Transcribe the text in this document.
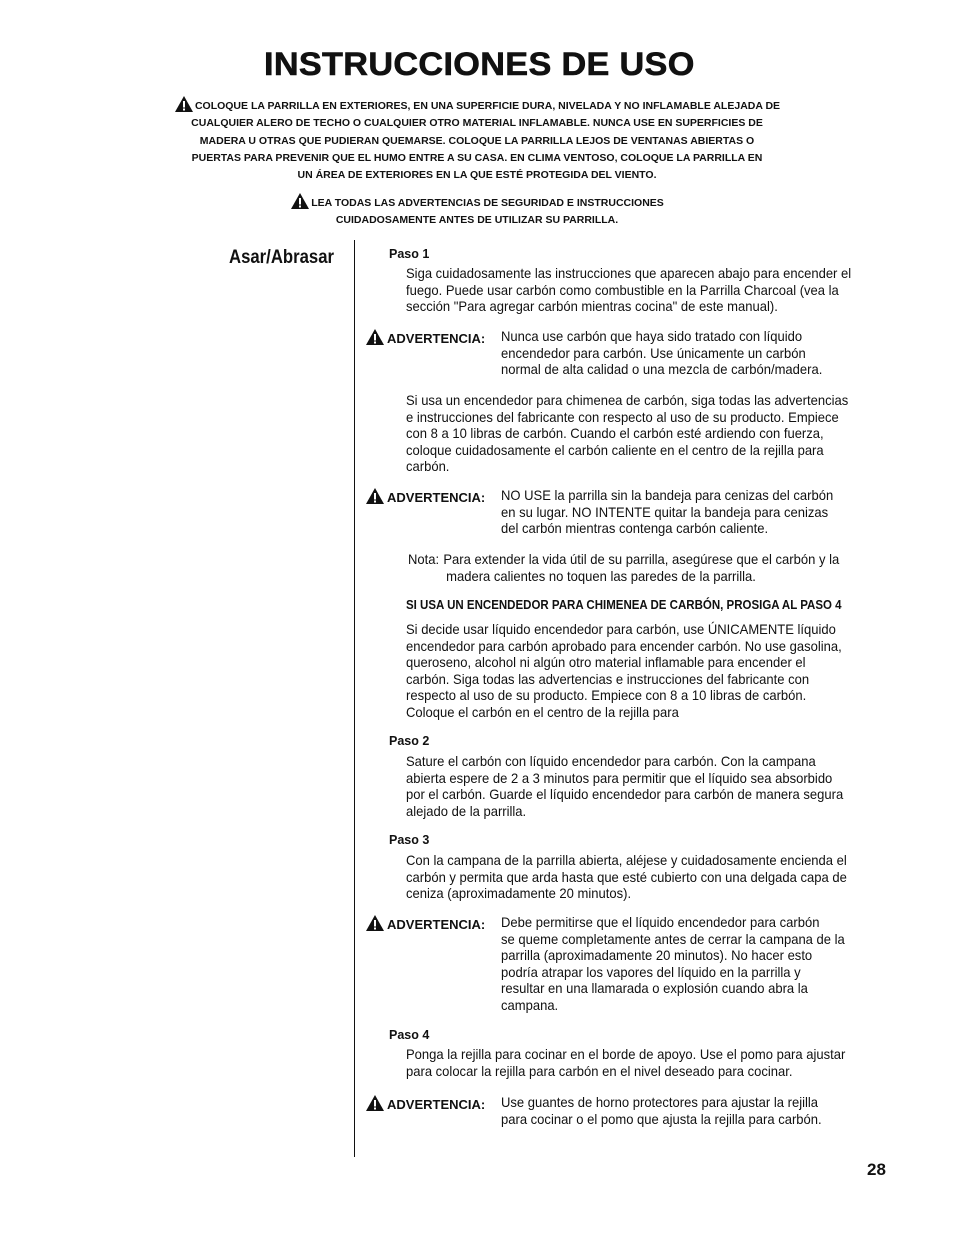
INSTRUCCIONES DE USO
COLOQUE LA PARRILLA EN EXTERIORES, EN UNA SUPERFICIE DURA, NIVELADA Y NO INFLAMABLE ALEJADA DE
CUALQUIER ALERO DE TECHO O CUALQUIER OTRO MATERIAL INFLAMABLE. NUNCA USE EN SUPERFICIES DE
MADERA U OTRAS QUE PUDIERAN QUEMARSE. COLOQUE LA PARRILLA LEJOS DE VENTANAS ABIERTAS O
PUERTAS PARA PREVENIR QUE EL HUMO ENTRE A SU CASA. EN CLIMA VENTOSO, COLOQUE LA PARRILLA EN
UN ÁREA DE EXTERIORES EN LA QUE ESTÉ PROTEGIDA DEL VIENTO.
LEA TODAS LAS ADVERTENCIAS DE SEGURIDAD E INSTRUCCIONES
CUIDADOSAMENTE ANTES DE UTILIZAR SU PARRILLA.
Asar/Abrasar	Paso 1
Siga cuidadosamente las instrucciones que aparecen abajo para encender el
fuego. Puede usar carbón como combustible en la Parrilla Charcoal (vea la
sección "Para agregar carbón mientras cocina" de este manual).
ADVERTENCIA: Nunca use carbón que haya sido tratado con líquido
encendedor para carbón. Use únicamente un carbón
normal de alta calidad o una mezcla de carbón/madera.
Si usa un encendedor para chimenea de carbón, siga todas las advertencias
e instrucciones del fabricante con respecto al uso de su producto. Empiece
con 8 a 10 libras de carbón. Cuando el carbón esté ardiendo con fuerza,
coloque cuidadosamente el carbón caliente en el centro de la rejilla para
carbón.
ADVERTENCIA: NO USE la parrilla sin la bandeja para cenizas del carbón
en su lugar. NO INTENTE quitar la bandeja para cenizas
del carbón mientras contenga carbón caliente.
Nota: Para extender la vida útil de su parrilla, asegúrese que el carbón y la
madera calientes no toquen las paredes de la parrilla.
SI USA UN ENCENDEDOR PARA CHIMENEA DE CARBÓN, PROSIGA AL PASO 4
Si decide usar líquido encendedor para carbón, use ÚNICAMENTE líquido
encendedor para carbón aprobado para encender carbón. No use gasolina,
queroseno, alcohol ni algún otro material inflamable para encender el
carbón. Siga todas las advertencias e instrucciones del fabricante con
respecto al uso de su producto. Empiece con 8 a 10 libras de carbón.
Coloque el carbón en el centro de la rejilla para
Paso 2
Sature el carbón con líquido encendedor para carbón. Con la campana
abierta espere de 2 a 3 minutos para permitir que el líquido sea absorbido
por el carbón. Guarde el líquido encendedor para carbón de manera segura
alejado de la parrilla.
Paso 3
Con la campana de la parrilla abierta, aléjese y cuidadosamente encienda el
carbón y permita que arda hasta que esté cubierto con una delgada capa de
ceniza (aproximadamente 20 minutos).
ADVERTENCIA: Debe permitirse que el líquido encendedor para carbón
se queme completamente antes de cerrar la campana de la
parrilla (aproximadamente 20 minutos). No hacer esto
podría atrapar los vapores del líquido en la parrilla y
resultar en una llamarada o explosión cuando abra la
campana.
Paso 4
Ponga la rejilla para cocinar en el borde de apoyo. Use el pomo para ajustar
para colocar la rejilla para carbón en el nivel deseado para cocinar.
ADVERTENCIA: Use guantes de horno protectores para ajustar la rejilla
para cocinar o el pomo que ajusta la rejilla para carbón.
28
